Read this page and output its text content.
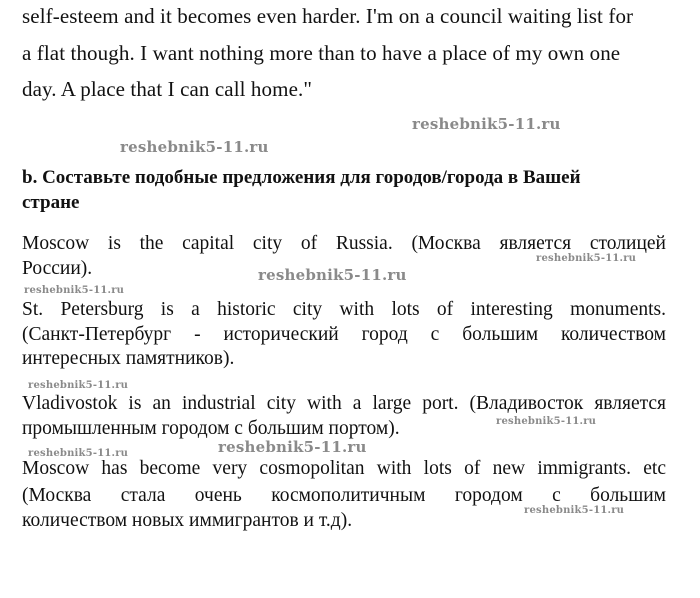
self-esteem and it becomes even harder. I'm on a council waiting list for
a flat though. I want nothing more than to have a place of my own one
day. A place that I can call home."
b. Составьте подобные предложения для городов/города в Вашей
стране
Moscow is the capital city of Russia. (Москва является столицей
России).
St. Petersburg is a historic city with lots of interesting monuments.
(Санкт-Петербург - исторический город с большим количеством
интересных памятников).
Vladivostok is an industrial city with a large port. (Владивосток является
промышленным городом с большим портом).
Moscow has become very cosmopolitan with lots of new immigrants. etc
(Москва стала очень космополитичным городом с большим
количеством новых иммигрантов и т.д).
reshebnik5-11.ru
reshebnik5-11.ru
reshebnik5-11.ru
reshebnik5-11.ru
reshebnik5-11.ru
reshebnik5-11.ru
reshebnik5-11.ru
reshebnik5-11.ru
reshebnik5-11.ru
reshebnik5-11.ru
